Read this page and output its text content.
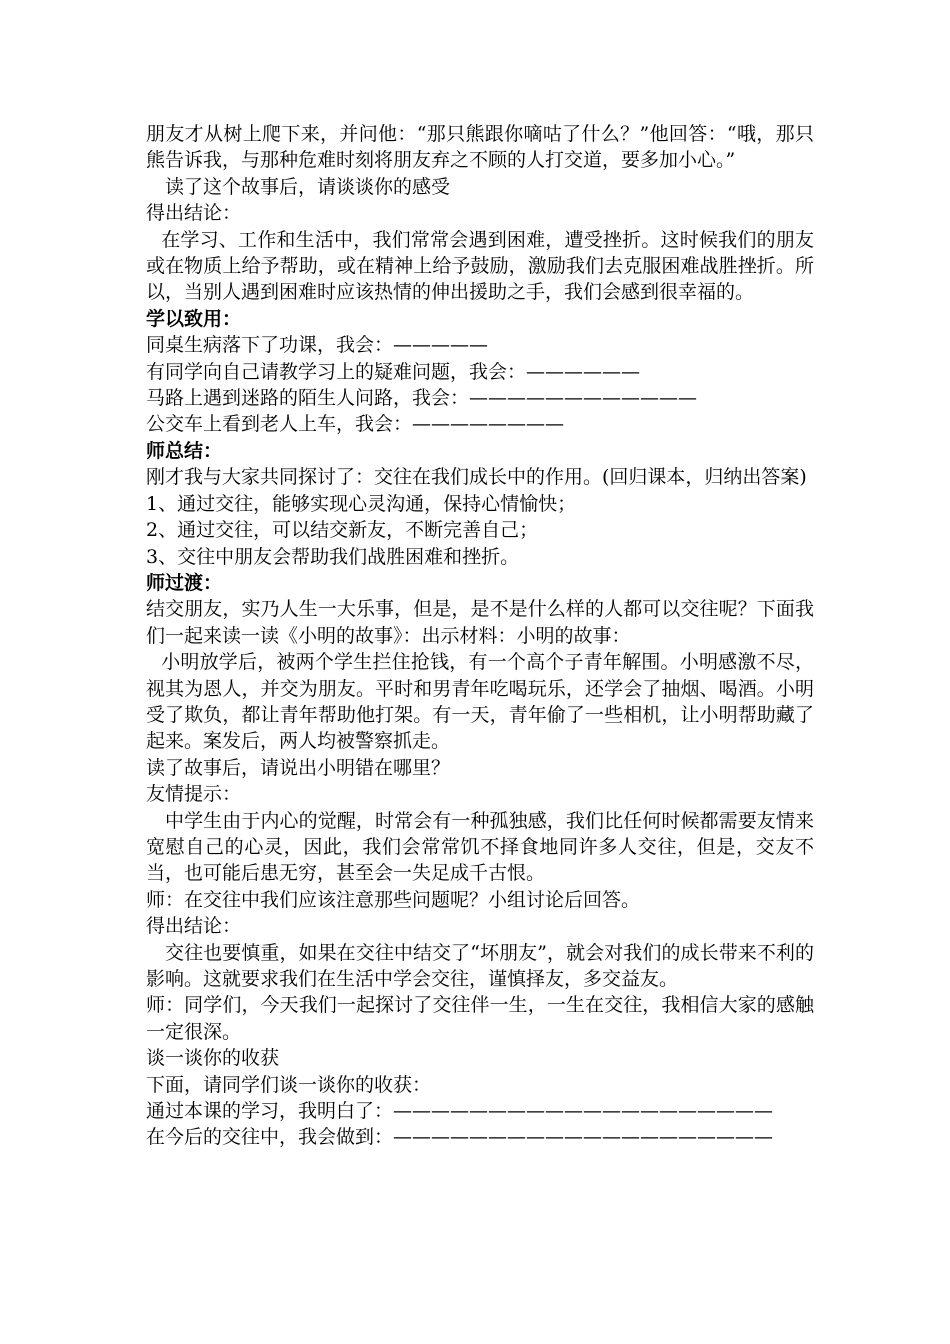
朋友才从树上爬下来，并问他：“那只熊跟你嘀咕了什么？”他回答：“哦，那只熊告诉我，与那种危难时刻将朋友弃之不顾的人打交道，要多加小心。”

读了这个故事后，请谈谈你的感受

得出结论：

在学习、工作和生活中，我们常常会遇到困难，遭受挫折。这时候我们的朋友或在物质上给予帮助，或在精神上给予鼓励，激励我们去克服困难战胜挫折。所以，当别人遇到困难时应该热情的伸出援助之手，我们会感到很幸福的。

学以致用：

同桌生病落下了功课，我会：—————

有同学向自己请教学习上的疑难问题，我会：——————

马路上遇到迷路的陌生人问路，我会：————————————

公交车上看到老人上车，我会：————————

师总结：

刚才我与大家共同探讨了：交往在我们成长中的作用。(回归课本，归纳出答案)

1、通过交往，能够实现心灵沟通，保持心情愉快；

2、通过交往，可以结交新友，不断完善自己；

3、交往中朋友会帮助我们战胜困难和挫折。

师过渡：

结交朋友，实乃人生一大乐事，但是，是不是什么样的人都可以交往呢？下面我们一起来读一读《小明的故事》：出示材料：小明的故事：

小明放学后，被两个学生拦住抢钱，有一个高个子青年解围。小明感激不尽，视其为恩人，并交为朋友。平时和男青年吃喝玩乐，还学会了抽烟、喝酒。小明受了欺负，都让青年帮助他打架。有一天，青年偷了一些相机，让小明帮助藏了起来。案发后，两人均被警察抓走。

读了故事后，请说出小明错在哪里？

友情提示：

中学生由于内心的觉醒，时常会有一种孤独感，我们比任何时候都需要友情来宽慰自己的心灵，因此，我们会常常饥不择食地同许多人交往，但是，交友不当，也可能后患无穷，甚至会一失足成千古恨。

师：在交往中我们应该注意那些问题呢？小组讨论后回答。

得出结论：

交往也要慎重，如果在交往中结交了“坏朋友”，就会对我们的成长带来不利的影响。这就要求我们在生活中学会交往，谨慎择友，多交益友。

师：同学们，今天我们一起探讨了交往伴一生，一生在交往，我相信大家的感触一定很深。

谈一谈你的收获

下面，请同学们谈一谈你的收获：

通过本课的学习，我明白了：————————————————————

在今后的交往中，我会做到：————————————————————
